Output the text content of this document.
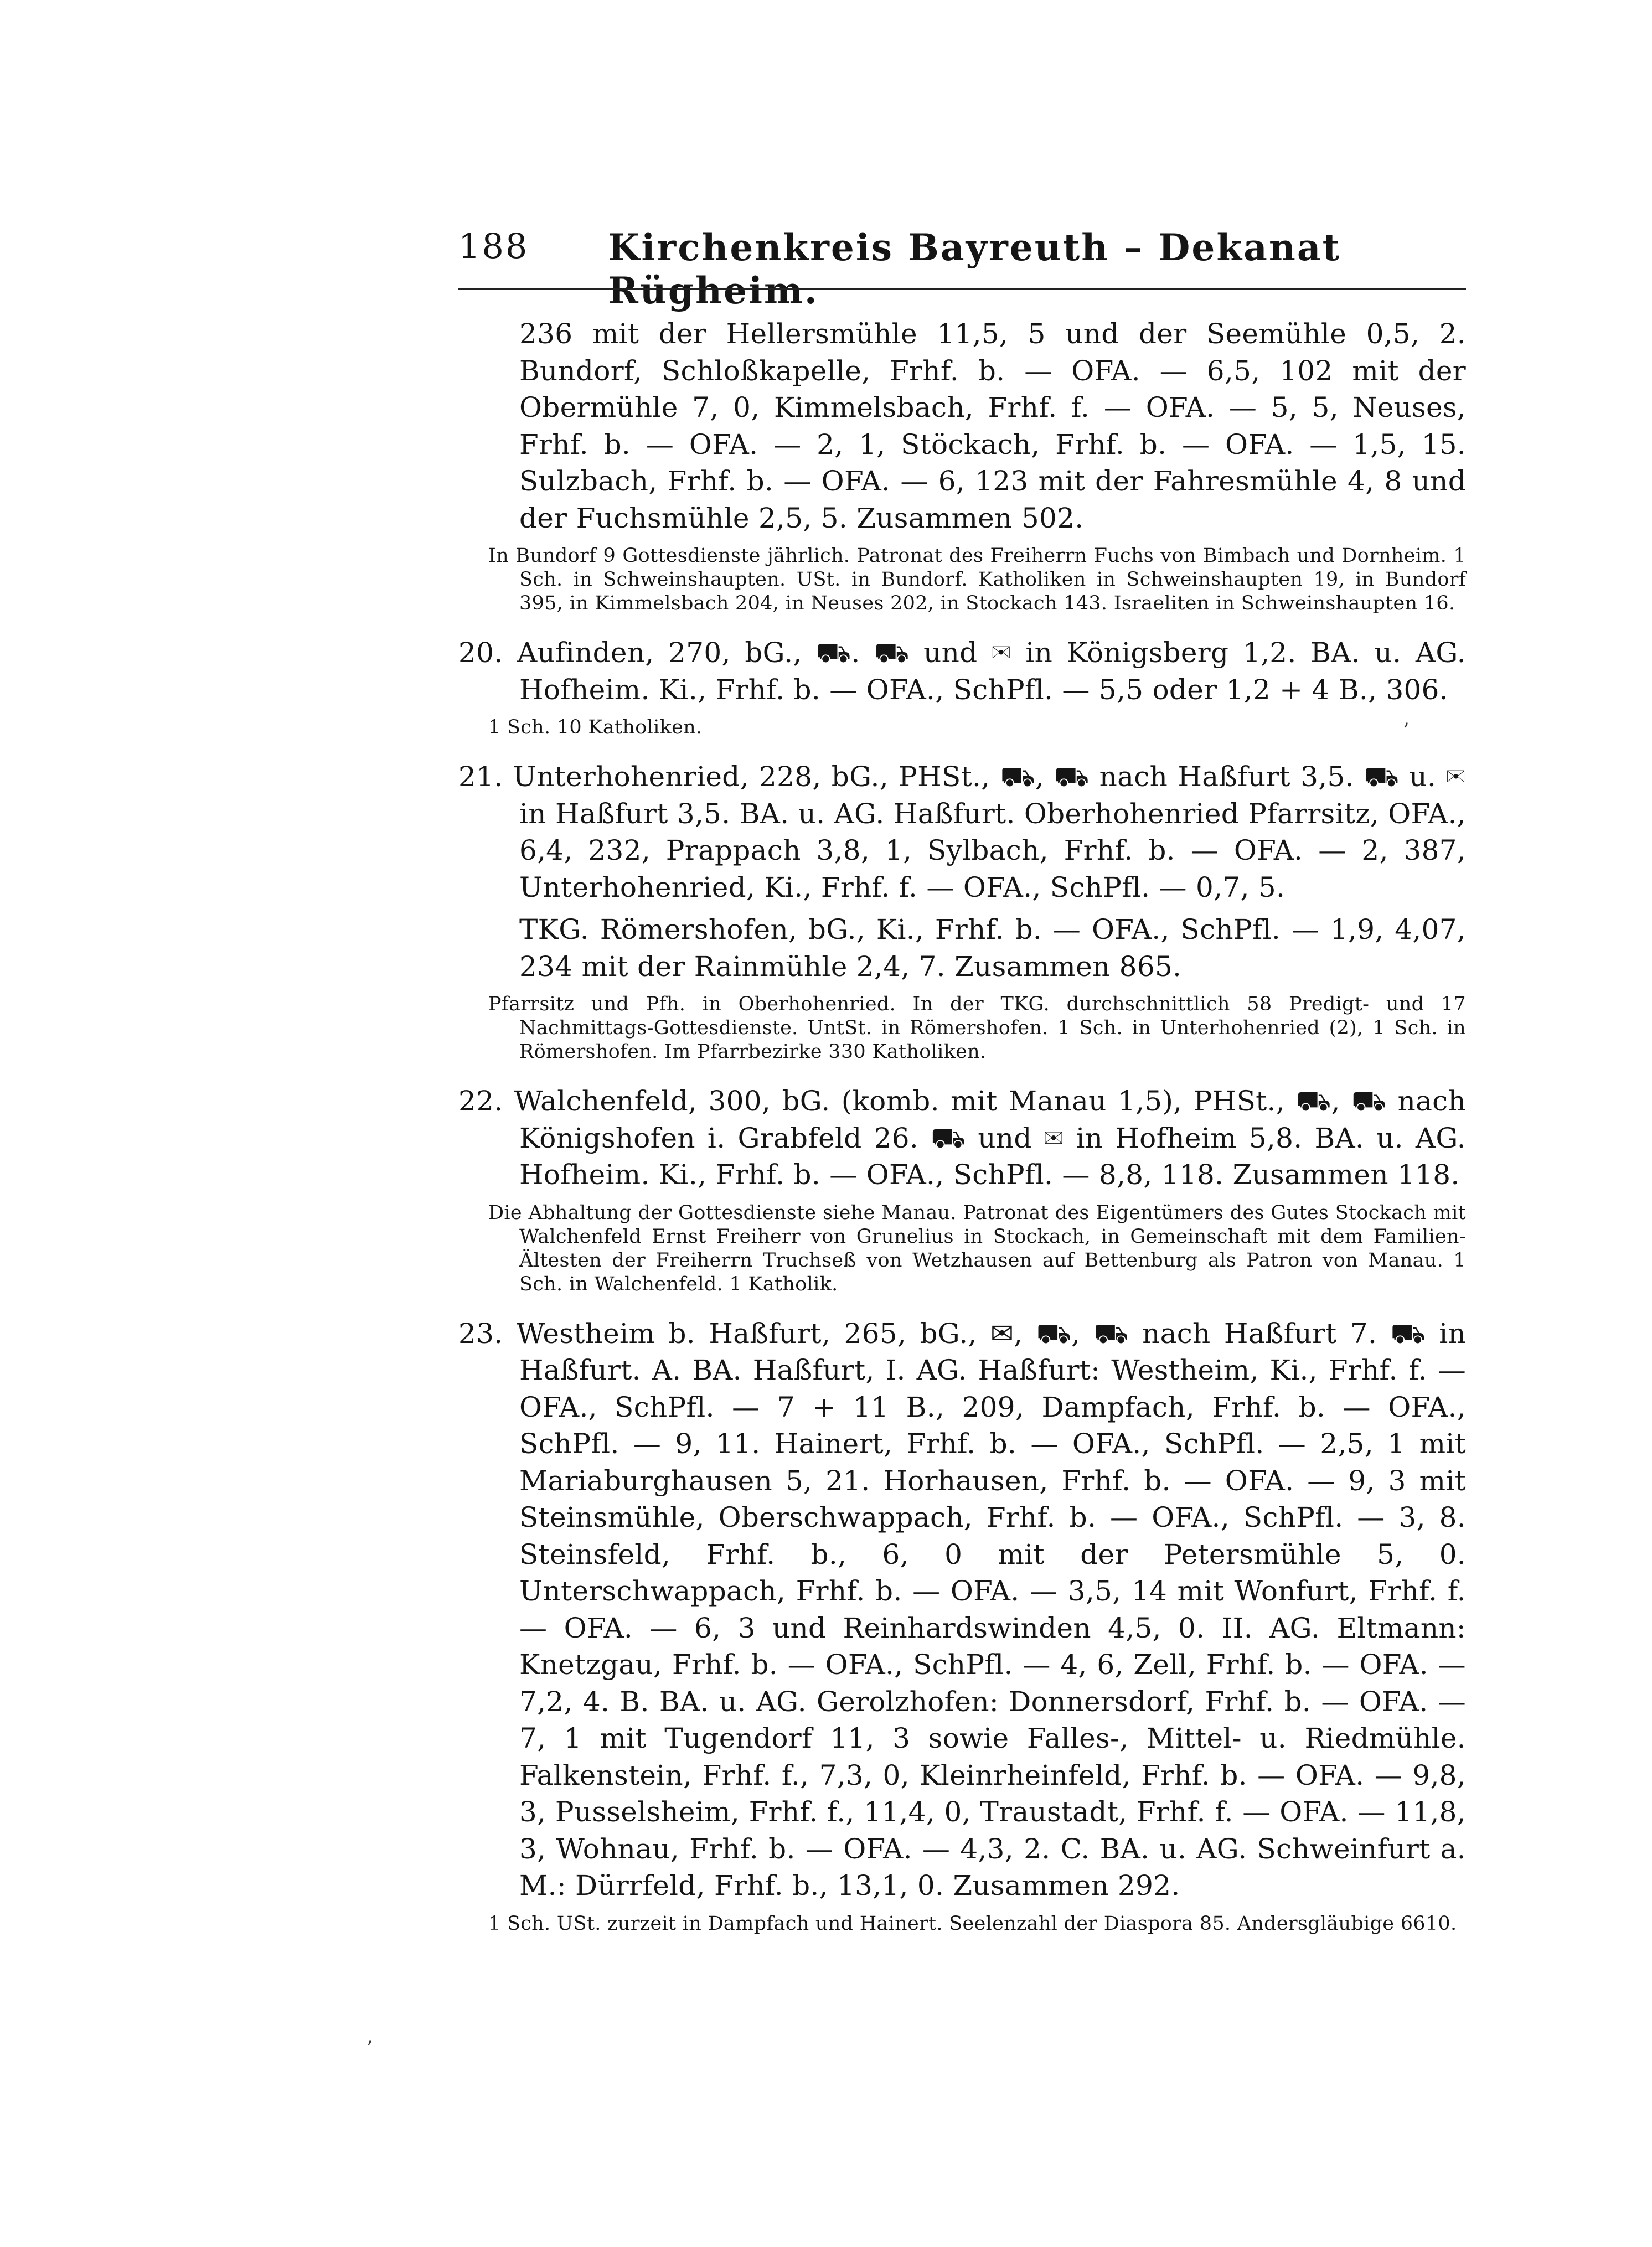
188 Kirchenkreis Bayreuth – Dekanat Rügheim.
236 mit der Hellersmühle 11,5, 5 und der Seemühle 0,5, 2. Bundorf, Schloßkapelle, Frhf. b. — OFA. — 6,5, 102 mit der Obermühle 7, 0, Kimmelsbach, Frhf. f. — OFA. — 5, 5, Neuses, Frhf. b. — OFA. — 2, 1, Stöckach, Frhf. b. — OFA. — 1,5, 15. Sulzbach, Frhf. b. — OFA. — 6, 123 mit der Fahresmühle 4, 8 und der Fuchsmühle 2,5, 5. Zusammen 502.
In Bundorf 9 Gottesdienste jährlich. Patronat des Freiherrn Fuchs von Bimbach und Dornheim. 1 Sch. in Schweinshaupten. USt. in Bundorf. Katholiken in Schweinshaupten 19, in Bundorf 395, in Kimmelsbach 204, in Neuses 202, in Stockach 143. Israeliten in Schweinshaupten 16.
20. Aufinden, 270, bG., ⛟. ⛟ und ✉ in Königsberg 1,2. BA. u. AG. Hofheim. Ki., Frhf. b. — OFA., SchPfl. — 5,5 oder 1,2 + 4 B., 306.
1 Sch. 10 Katholiken.
21. Unterhohenried, 228, bG., PHSt., ⛟, ⛟ nach Haßfurt 3,5. ⛟ u. ✉ in Haßfurt 3,5. BA. u. AG. Haßfurt. Oberhohenried Pfarrsitz, OFA., 6,4, 232, Prappach 3,8, 1, Sylbach, Frhf. b. — OFA. — 2, 387, Unterhohenried, Ki., Frhf. f. — OFA., SchPfl. — 0,7, 5.
TKG. Römershofen, bG., Ki., Frhf. b. — OFA., SchPfl. — 1,9, 4,07, 234 mit der Rainmühle 2,4, 7. Zusammen 865.
Pfarrsitz und Pfh. in Oberhohenried. In der TKG. durchschnittlich 58 Predigt- und 17 Nachmittags-Gottesdienste. UntSt. in Römershofen. 1 Sch. in Unterhohenried (2), 1 Sch. in Römershofen. Im Pfarrbezirke 330 Katholiken.
22. Walchenfeld, 300, bG. (komb. mit Manau 1,5), PHSt., ⛟, ⛟ nach Königshofen i. Grabfeld 26. ⛟ und ✉ in Hofheim 5,8. BA. u. AG. Hofheim. Ki., Frhf. b. — OFA., SchPfl. — 8,8, 118. Zusammen 118.
Die Abhaltung der Gottesdienste siehe Manau. Patronat des Eigentümers des Gutes Stockach mit Walchenfeld Ernst Freiherr von Grunelius in Stockach, in Gemeinschaft mit dem Familien-Ältesten der Freiherrn Truchseß von Wetzhausen auf Bettenburg als Patron von Manau. 1 Sch. in Walchenfeld. 1 Katholik.
23. Westheim b. Haßfurt, 265, bG., ✉, ⛟, ⛟ nach Haßfurt 7. ⛟ in Haßfurt. A. BA. Haßfurt, I. AG. Haßfurt: Westheim, Ki., Frhf. f. — OFA., SchPfl. — 7 + 11 B., 209, Dampfach, Frhf. b. — OFA., SchPfl. — 9, 11. Hainert, Frhf. b. — OFA., SchPfl. — 2,5, 1 mit Mariaburghausen 5, 21. Horhausen, Frhf. b. — OFA. — 9, 3 mit Steinsmühle, Oberschwappach, Frhf. b. — OFA., SchPfl. — 3, 8. Steinsfeld, Frhf. b., 6, 0 mit der Petersmühle 5, 0. Unterschwappach, Frhf. b. — OFA. — 3,5, 14 mit Wonfurt, Frhf. f. — OFA. — 6, 3 und Reinhardswinden 4,5, 0. II. AG. Eltmann: Knetzgau, Frhf. b. — OFA., SchPfl. — 4, 6, Zell, Frhf. b. — OFA. — 7,2, 4. B. BA. u. AG. Gerolzhofen: Donnersdorf, Frhf. b. — OFA. — 7, 1 mit Tugendorf 11, 3 sowie Falles-, Mittel- u. Riedmühle. Falkenstein, Frhf. f., 7,3, 0, Kleinrheinfeld, Frhf. b. — OFA. — 9,8, 3, Pusselsheim, Frhf. f., 11,4, 0, Traustadt, Frhf. f. — OFA. — 11,8, 3, Wohnau, Frhf. b. — OFA. — 4,3, 2. C. BA. u. AG. Schweinfurt a. M.: Dürrfeld, Frhf. b., 13,1, 0. Zusammen 292.
1 Sch. USt. zurzeit in Dampfach und Hainert. Seelenzahl der Diaspora 85. Andersgläubige 6610.
’
’
